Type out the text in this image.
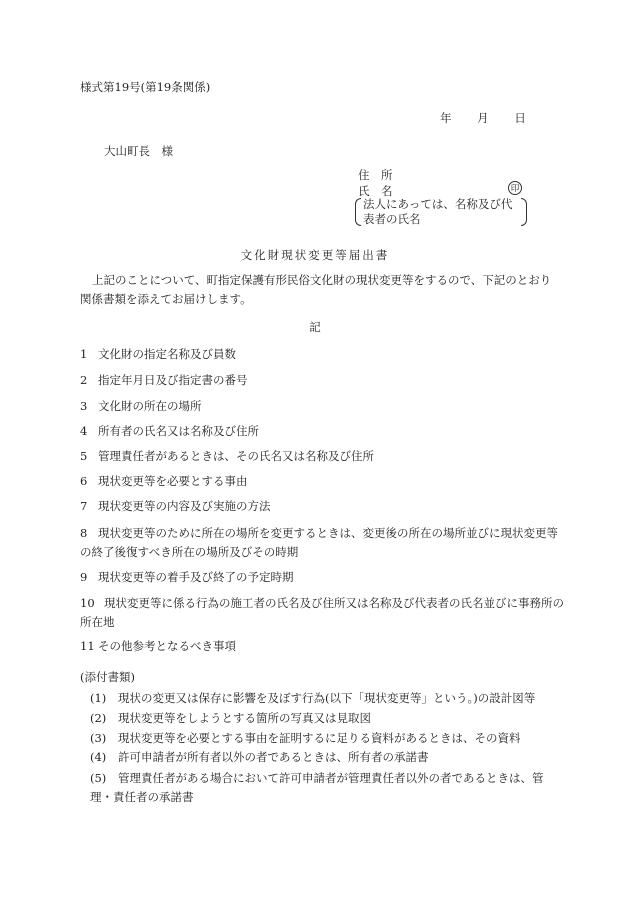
様式第19号(第19条関係)
年 月 日
大山町長　様
住　所
氏　名	印
法人にあっては、名称及び代
表者の氏名
文化財現状変更等届出書
上記のことについて、町指定保護有形民俗文化財の現状変更等をするので、下記のとおり関係書類を添えてお届けします。
記
1 文化財の指定名称及び員数
2 指定年月日及び指定書の番号
3 文化財の所在の場所
4 所有者の氏名又は名称及び住所
5 管理責任者があるときは、その氏名又は名称及び住所
6 現状変更等を必要とする事由
7 現状変更等の内容及び実施の方法
8 現状変更等のために所在の場所を変更するときは、変更後の所在の場所並びに現状変更等の終了後復すべき所在の場所及びその時期
9 現状変更等の着手及び終了の予定時期
10 現状変更等に係る行為の施工者の氏名及び住所又は名称及び代表者の氏名並びに事務所の所在地
11 その他参考となるべき事項
(添付書類)
(1) 現状の変更又は保存に影響を及ぼす行為(以下「現状変更等」という。)の設計図等
(2) 現状変更等をしようとする箇所の写真又は見取図
(3) 現状変更等を必要とする事由を証明するに足りる資料があるときは、その資料
(4) 許可申請者が所有者以外の者であるときは、所有者の承諾書
(5) 管理責任者がある場合において許可申請者が管理責任者以外の者であるときは、管理・責任者の承諾書
